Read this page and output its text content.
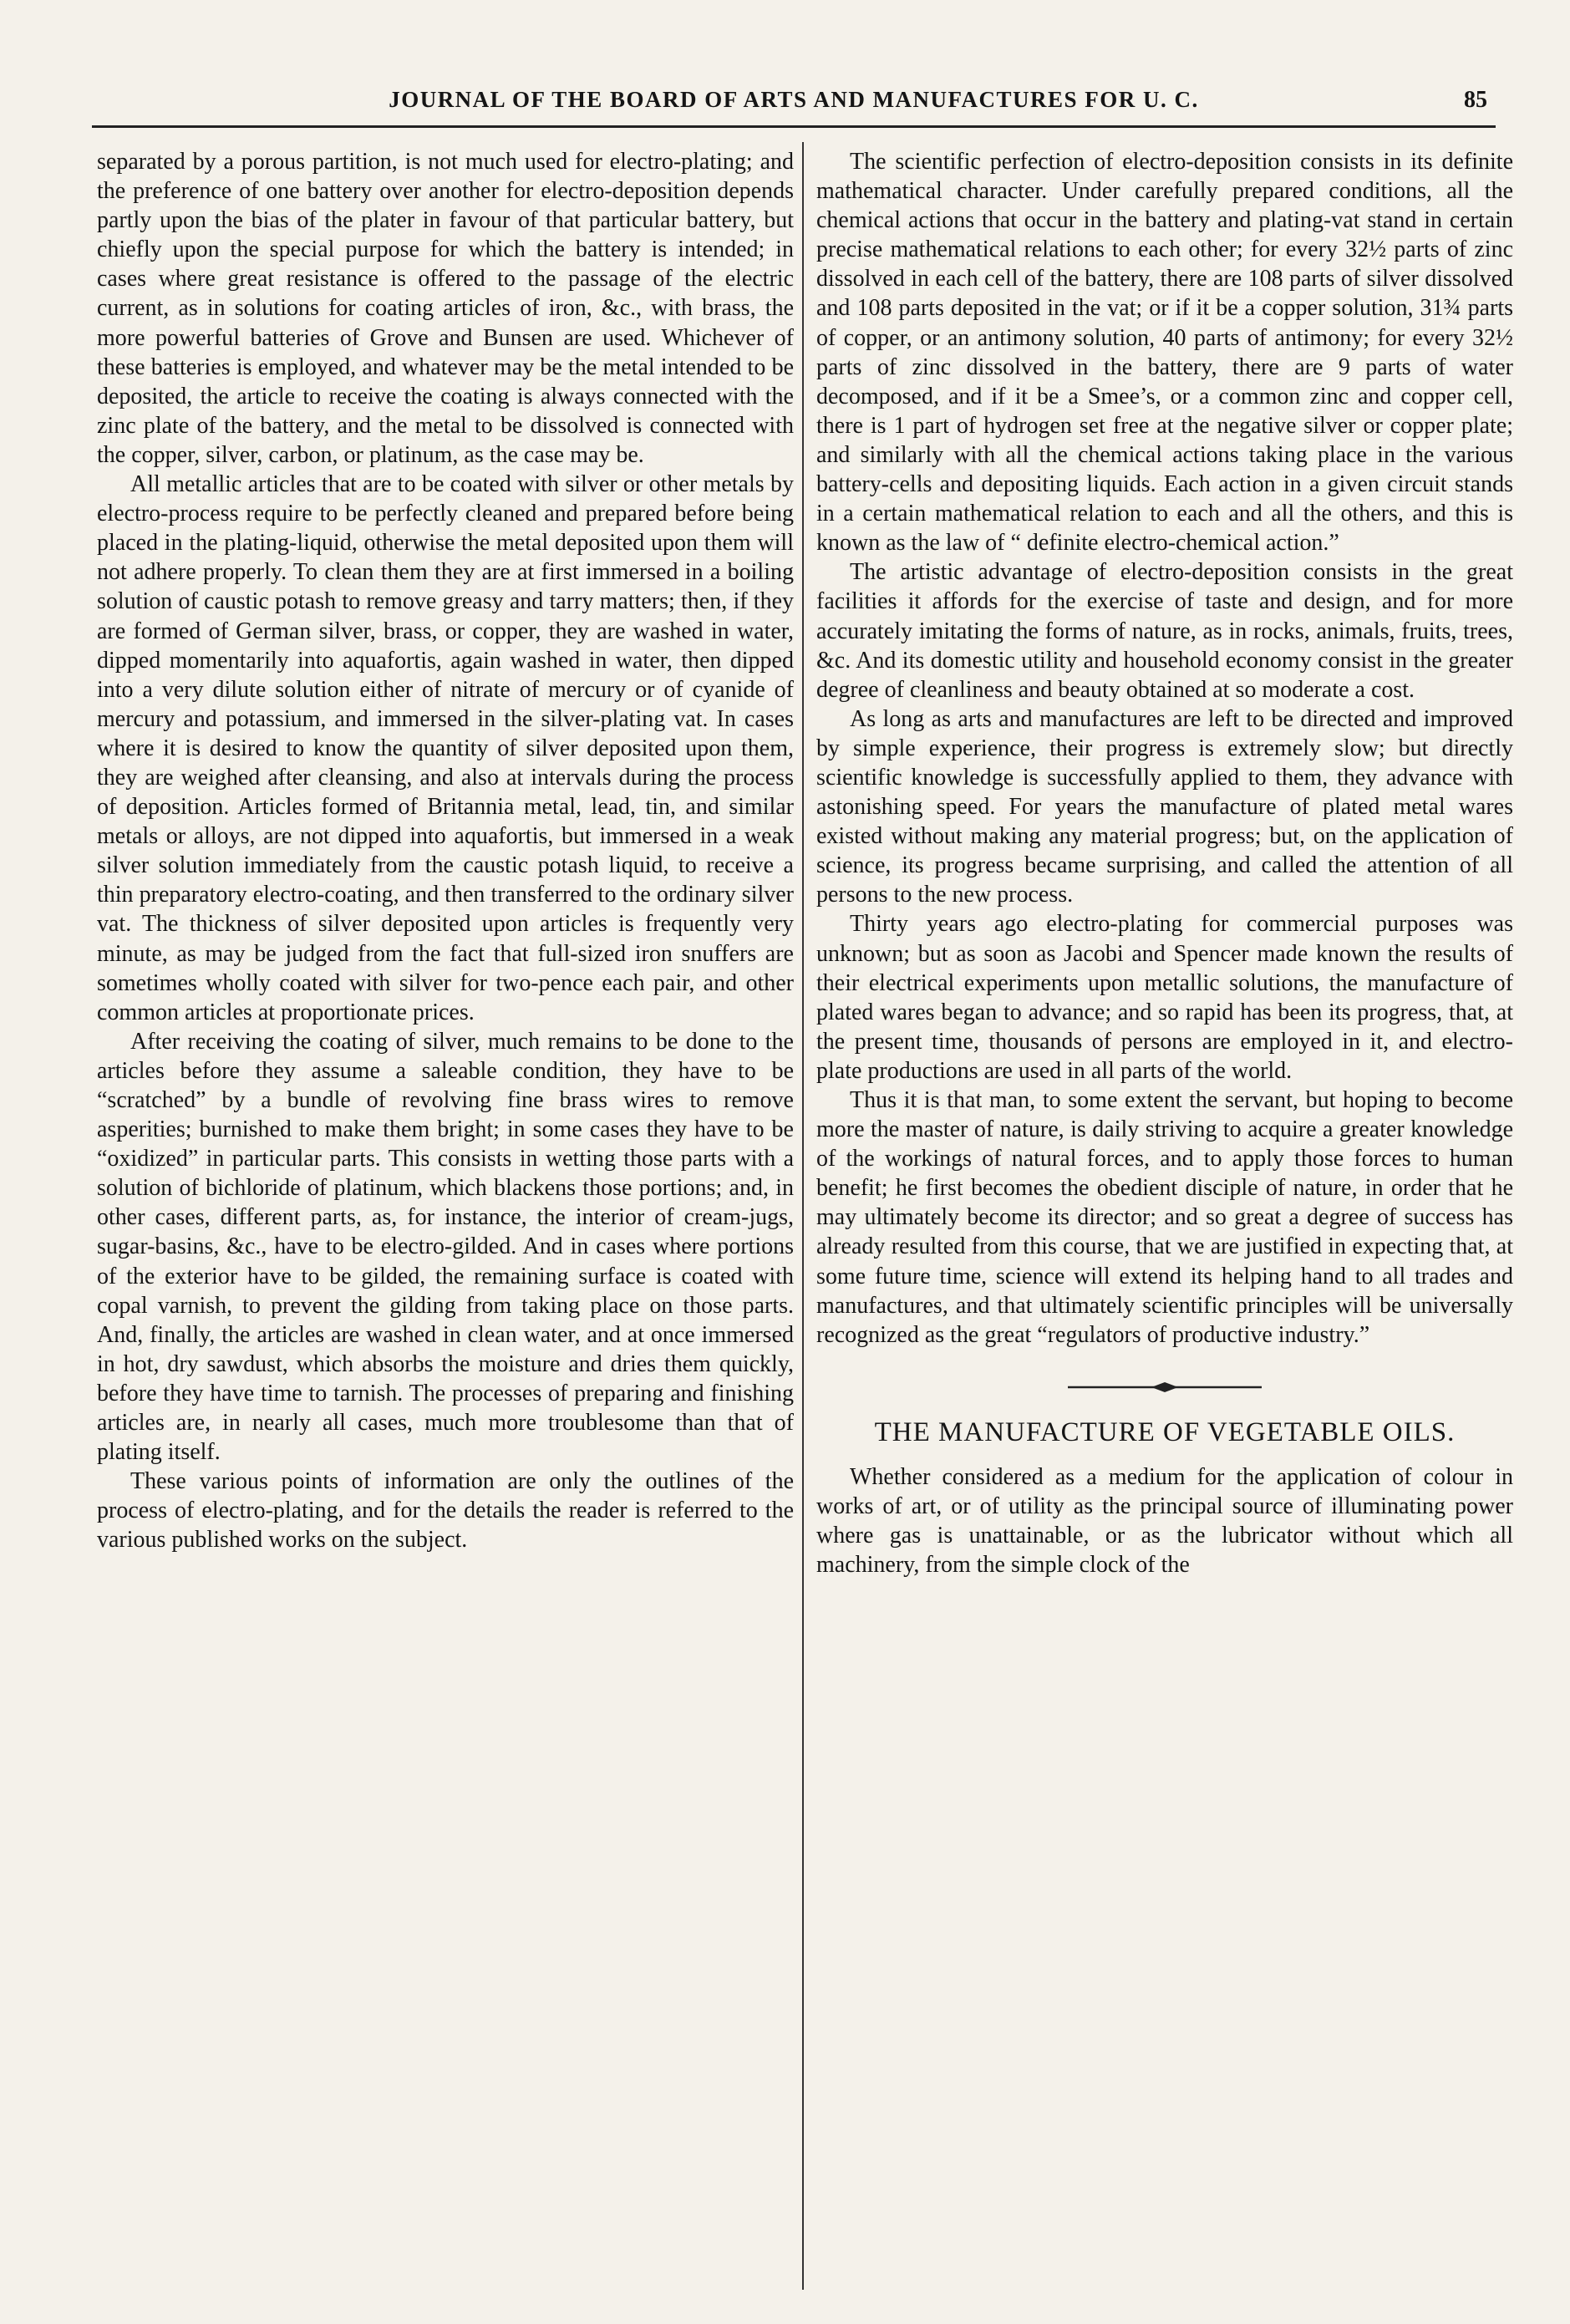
JOURNAL OF THE BOARD OF ARTS AND MANUFACTURES FOR U. C.	85

separated by a porous partition, is not much used for electro-plating; and the preference of one battery over another for electro-deposition depends partly upon the bias of the plater in favour of that particular battery, but chiefly upon the special purpose for which the battery is intended; in cases where great resistance is offered to the passage of the electric current, as in solutions for coating articles of iron, &c., with brass, the more powerful batteries of Grove and Bunsen are used. Whichever of these batteries is employed, and whatever may be the metal intended to be deposited, the article to receive the coating is always connected with the zinc plate of the battery, and the metal to be dissolved is connected with the copper, silver, carbon, or platinum, as the case may be.

All metallic articles that are to be coated with silver or other metals by electro-process require to be perfectly cleaned and prepared before being placed in the plating-liquid, otherwise the metal deposited upon them will not adhere properly. To clean them they are at first immersed in a boiling solution of caustic potash to remove greasy and tarry matters; then, if they are formed of German silver, brass, or copper, they are washed in water, dipped momentarily into aquafortis, again washed in water, then dipped into a very dilute solution either of nitrate of mercury or of cyanide of mercury and potassium, and immersed in the silver-plating vat. In cases where it is desired to know the quantity of silver deposited upon them, they are weighed after cleansing, and also at intervals during the process of deposition. Articles formed of Britannia metal, lead, tin, and similar metals or alloys, are not dipped into aquafortis, but immersed in a weak silver solution immediately from the caustic potash liquid, to receive a thin preparatory electro-coating, and then transferred to the ordinary silver vat. The thickness of silver deposited upon articles is frequently very minute, as may be judged from the fact that full-sized iron snuffers are sometimes wholly coated with silver for two-pence each pair, and other common articles at proportionate prices.

After receiving the coating of silver, much remains to be done to the articles before they assume a saleable condition, they have to be “scratched” by a bundle of revolving fine brass wires to remove asperities; burnished to make them bright; in some cases they have to be “oxidized” in particular parts. This consists in wetting those parts with a solution of bichloride of platinum, which blackens those portions; and, in other cases, different parts, as, for instance, the interior of cream-jugs, sugar-basins, &c., have to be electro-gilded. And in cases where portions of the exterior have to be gilded, the remaining surface is coated with copal varnish, to prevent the gilding from taking place on those parts. And, finally, the articles are washed in clean water, and at once immersed in hot, dry sawdust, which absorbs the moisture and dries them quickly, before they have time to tarnish. The processes of preparing and finishing articles are, in nearly all cases, much more troublesome than that of plating itself.

These various points of information are only the outlines of the process of electro-plating, and for the details the reader is referred to the various published works on the subject.

The scientific perfection of electro-deposition consists in its definite mathematical character. Under carefully prepared conditions, all the chemical actions that occur in the battery and plating-vat stand in certain precise mathematical relations to each other; for every 32½ parts of zinc dissolved in each cell of the battery, there are 108 parts of silver dissolved and 108 parts deposited in the vat; or if it be a copper solution, 31¾ parts of copper, or an antimony solution, 40 parts of antimony; for every 32½ parts of zinc dissolved in the battery, there are 9 parts of water decomposed, and if it be a Smee’s, or a common zinc and copper cell, there is 1 part of hydrogen set free at the negative silver or copper plate; and similarly with all the chemical actions taking place in the various battery-cells and depositing liquids. Each action in a given circuit stands in a certain mathematical relation to each and all the others, and this is known as the law of “ definite electro-chemical action.”

The artistic advantage of electro-deposition consists in the great facilities it affords for the exercise of taste and design, and for more accurately imitating the forms of nature, as in rocks, animals, fruits, trees, &c. And its domestic utility and household economy consist in the greater degree of cleanliness and beauty obtained at so moderate a cost.

As long as arts and manufactures are left to be directed and improved by simple experience, their progress is extremely slow; but directly scientific knowledge is successfully applied to them, they advance with astonishing speed. For years the manufacture of plated metal wares existed without making any material progress; but, on the application of science, its progress became surprising, and called the attention of all persons to the new process.

Thirty years ago electro-plating for commercial purposes was unknown; but as soon as Jacobi and Spencer made known the results of their electrical experiments upon metallic solutions, the manufacture of plated wares began to advance; and so rapid has been its progress, that, at the present time, thousands of persons are employed in it, and electro-plate productions are used in all parts of the world.

Thus it is that man, to some extent the servant, but hoping to become more the master of nature, is daily striving to acquire a greater knowledge of the workings of natural forces, and to apply those forces to human benefit; he first becomes the obedient disciple of nature, in order that he may ultimately become its director; and so great a degree of success has already resulted from this course, that we are justified in expecting that, at some future time, science will extend its helping hand to all trades and manufactures, and that ultimately scientific principles will be universally recognized as the great “regulators of productive industry.”

THE MANUFACTURE OF VEGETABLE OILS.

Whether considered as a medium for the application of colour in works of art, or of utility as the principal source of illuminating power where gas is unattainable, or as the lubricator without which all machinery, from the simple clock of the
